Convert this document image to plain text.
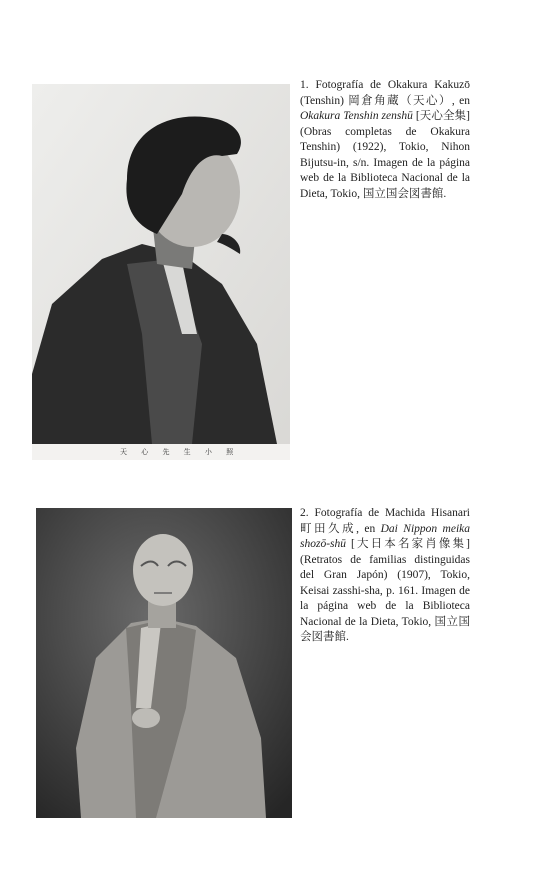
天 心 先 生 小 照
1. Fotografía de Okakura Kakuzō (Tenshin) 岡倉角蔵（天心）, en Okakura Tenshin zenshū [天心全集] (Obras completas de Okakura Tenshin) (1922), Tokio, Nihon Bijutsu-in, s/n. Imagen de la página web de la Biblioteca Nacional de la Dieta, Tokio, 国立国会図書館.
2. Fotografía de Machida Hisanari 町田久成, en Dai Nippon meika shozō-shū [大日本名家肖像集] (Retratos de familias distinguidas del Gran Japón) (1907), Tokio, Keisai zasshi-sha, p. 161. Imagen de la página web de la Biblioteca Nacional de la Dieta, Tokio, 国立国会図書館.
